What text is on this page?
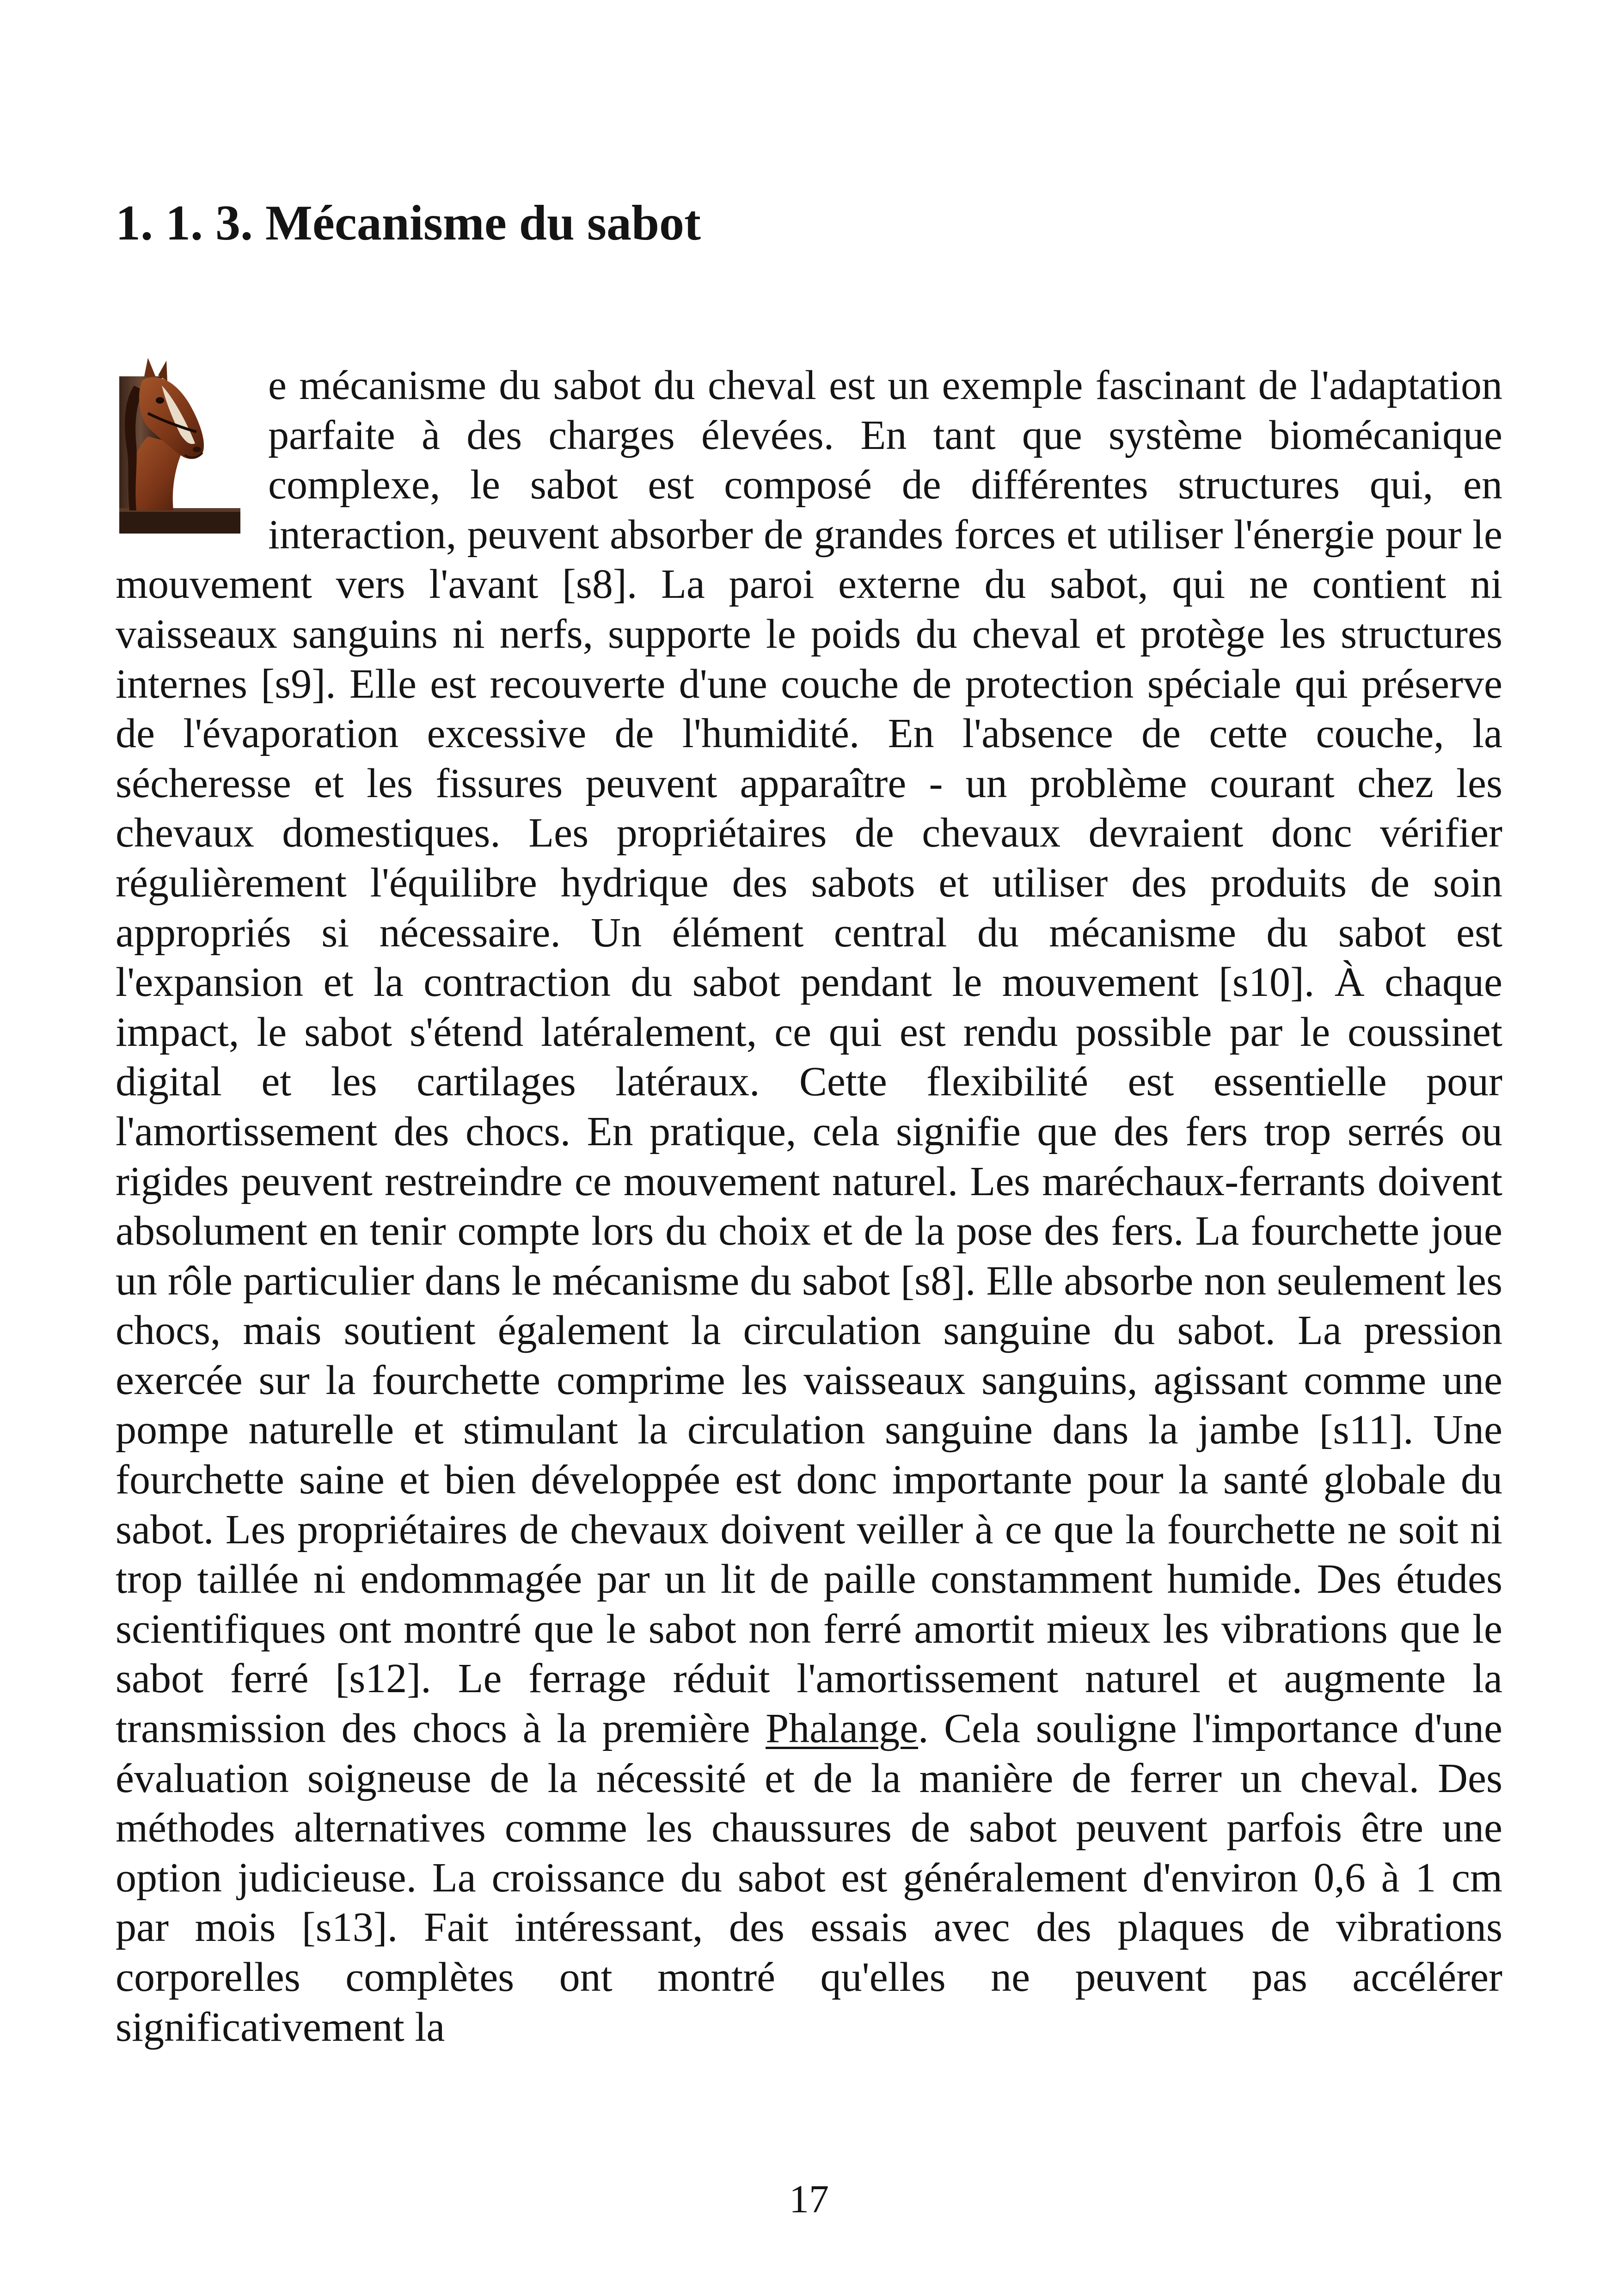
1. 1. 3. Mécanisme du sabot

e mécanisme du sabot du cheval est un exemple fascinant de l'adaptation parfaite à des charges élevées. En tant que système biomécanique complexe, le sabot est composé de différentes structures qui, en interaction, peuvent absorber de grandes forces et utiliser l'énergie pour le mouvement vers l'avant [s8]. La paroi externe du sabot, qui ne contient ni vaisseaux sanguins ni nerfs, supporte le poids du cheval et protège les structures internes [s9]. Elle est recouverte d'une couche de protection spéciale qui préserve de l'évaporation excessive de l'humidité. En l'absence de cette couche, la sécheresse et les fissures peuvent apparaître - un problème courant chez les chevaux domestiques. Les propriétaires de chevaux devraient donc vérifier régulièrement l'équilibre hydrique des sabots et utiliser des produits de soin appropriés si nécessaire. Un élément central du mécanisme du sabot est l'expansion et la contraction du sabot pendant le mouvement [s10]. À chaque impact, le sabot s'étend latéralement, ce qui est rendu possible par le coussinet digital et les cartilages latéraux. Cette flexibilité est essentielle pour l'amortissement des chocs. En pratique, cela signifie que des fers trop serrés ou rigides peuvent restreindre ce mouvement naturel. Les maréchaux-ferrants doivent absolument en tenir compte lors du choix et de la pose des fers. La fourchette joue un rôle particulier dans le mécanisme du sabot [s8]. Elle absorbe non seulement les chocs, mais soutient également la circulation sanguine du sabot. La pression exercée sur la fourchette comprime les vaisseaux sanguins, agissant comme une pompe naturelle et stimulant la circulation sanguine dans la jambe [s11]. Une fourchette saine et bien développée est donc importante pour la santé globale du sabot. Les propriétaires de chevaux doivent veiller à ce que la fourchette ne soit ni trop taillée ni endommagée par un lit de paille constamment humide. Des études scientifiques ont montré que le sabot non ferré amortit mieux les vibrations que le sabot ferré [s12]. Le ferrage réduit l'amortissement naturel et augmente la transmission des chocs à la première Phalange. Cela souligne l'importance d'une évaluation soigneuse de la nécessité et de la manière de ferrer un cheval. Des méthodes alternatives comme les chaussures de sabot peuvent parfois être une option judicieuse. La croissance du sabot est généralement d'environ 0,6 à 1 cm par mois [s13]. Fait intéressant, des essais avec des plaques de vibrations corporelles complètes ont montré qu'elles ne peuvent pas accélérer significativement la

17
